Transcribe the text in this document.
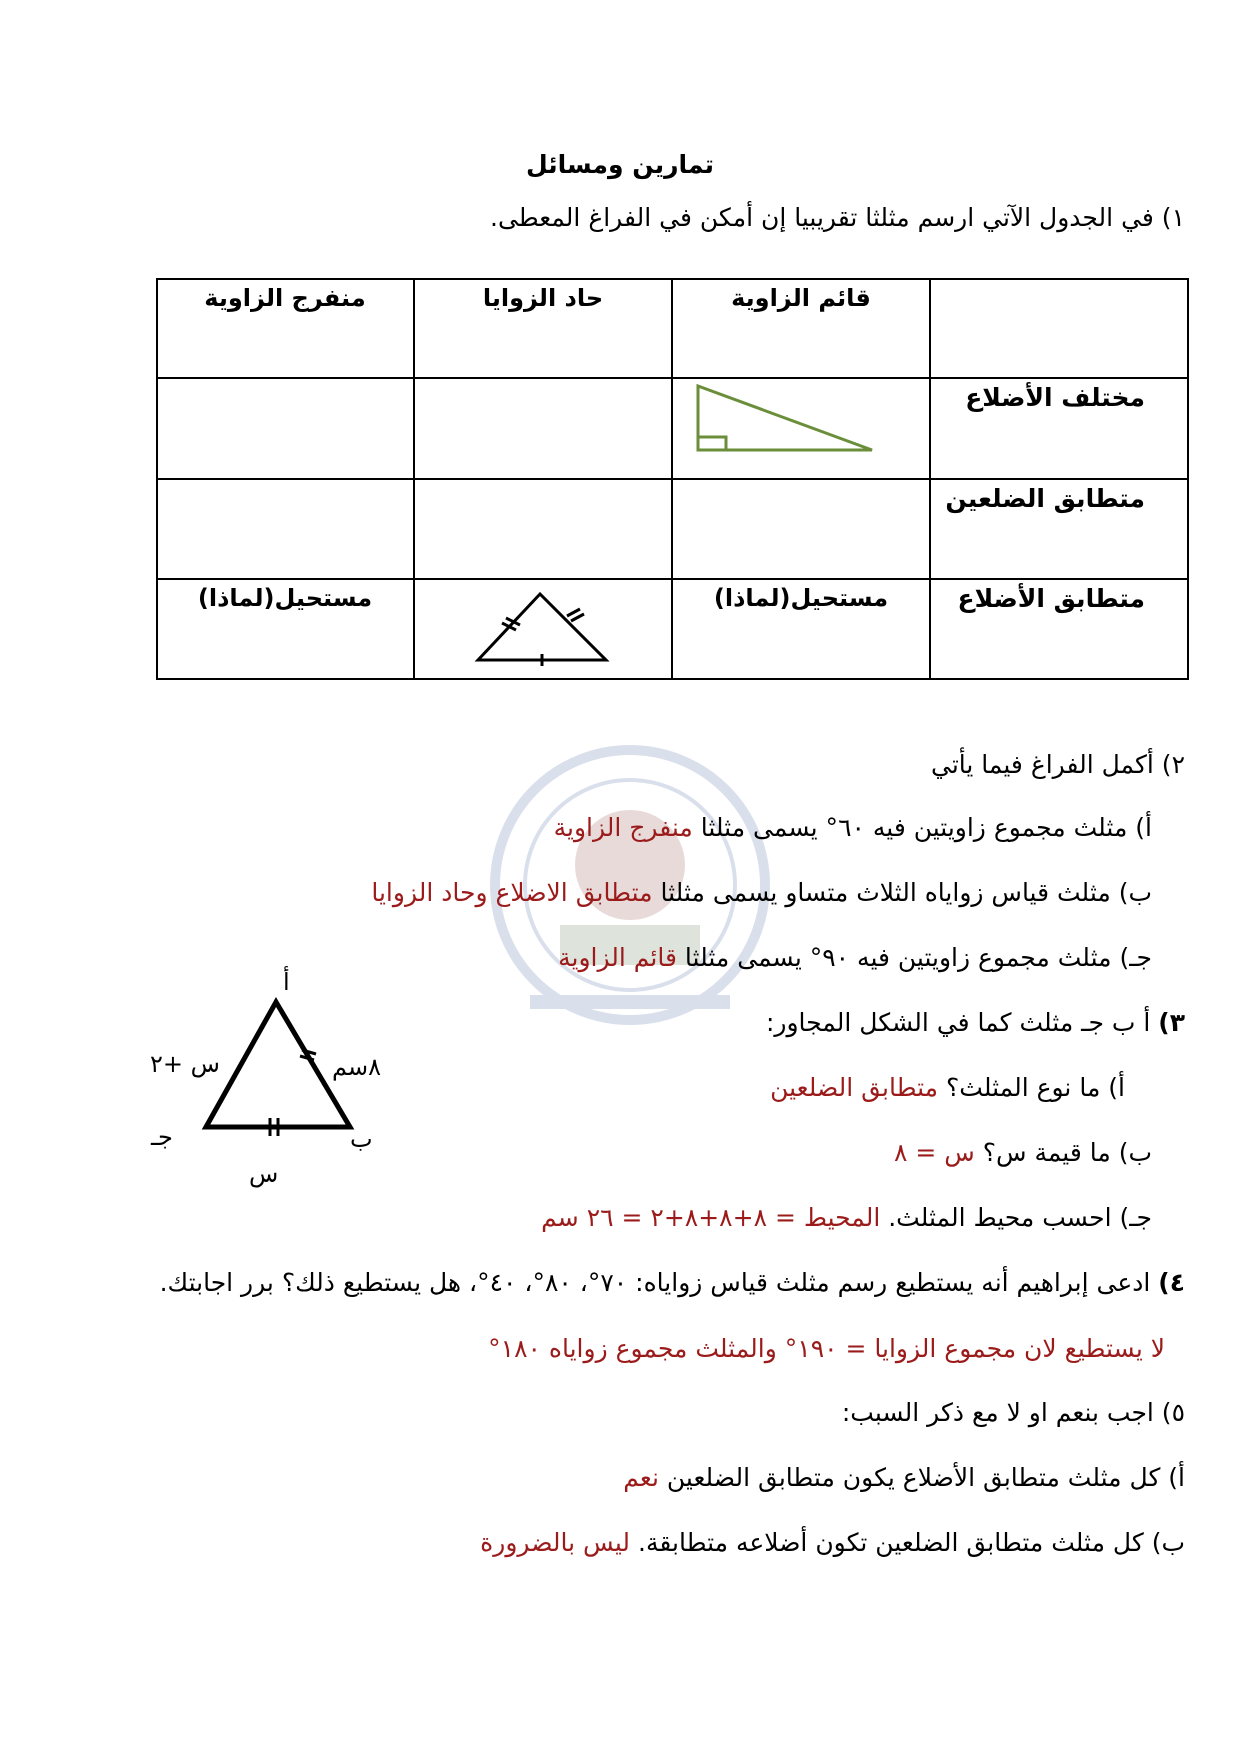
تمارين ومسائل
١) في الجدول الآتي ارسم مثلثا تقريبيا إن أمكن في الفراغ المعطى.
قائم الزاوية
حاد الزوايا
منفرج الزاوية
مختلف الأضلاع
متطابق الضلعين
متطابق الأضلاع
مستحيل(لماذا)
مستحيل(لماذا)
٢) أكمل الفراغ فيما يأتي
أ) مثلث مجموع زاويتين فيه ٦٠° يسمى مثلثا منفرج الزاوية
ب) مثلث قياس زواياه الثلاث متساو يسمى مثلثا متطابق الاضلاع وحاد الزوايا
جـ) مثلث مجموع زاويتين فيه ٩٠° يسمى مثلثا قائم الزاوية
٣) أ ب جـ مثلث كما في الشكل المجاور:
أ) ما نوع المثلث؟ متطابق الضلعين
ب) ما قيمة س؟ س = ٨
جـ) احسب محيط المثلث. المحيط = ٨+٨+٨+٢ = ٢٦ سم
أ
ب
جـ
س +٢	٨سم
س
٤) ادعى إبراهيم أنه يستطيع رسم مثلث قياس زواياه: ٧٠°، ٨٠°، ٤٠°، هل يستطيع ذلك؟ برر اجابتك.
لا يستطيع لان مجموع الزوايا = ١٩٠° والمثلث مجموع زواياه ١٨٠°
٥) اجب بنعم او لا مع ذكر السبب:
أ) كل مثلث متطابق الأضلاع يكون متطابق الضلعين نعم
ب) كل مثلث متطابق الضلعين تكون أضلاعه متطابقة. ليس بالضرورة
